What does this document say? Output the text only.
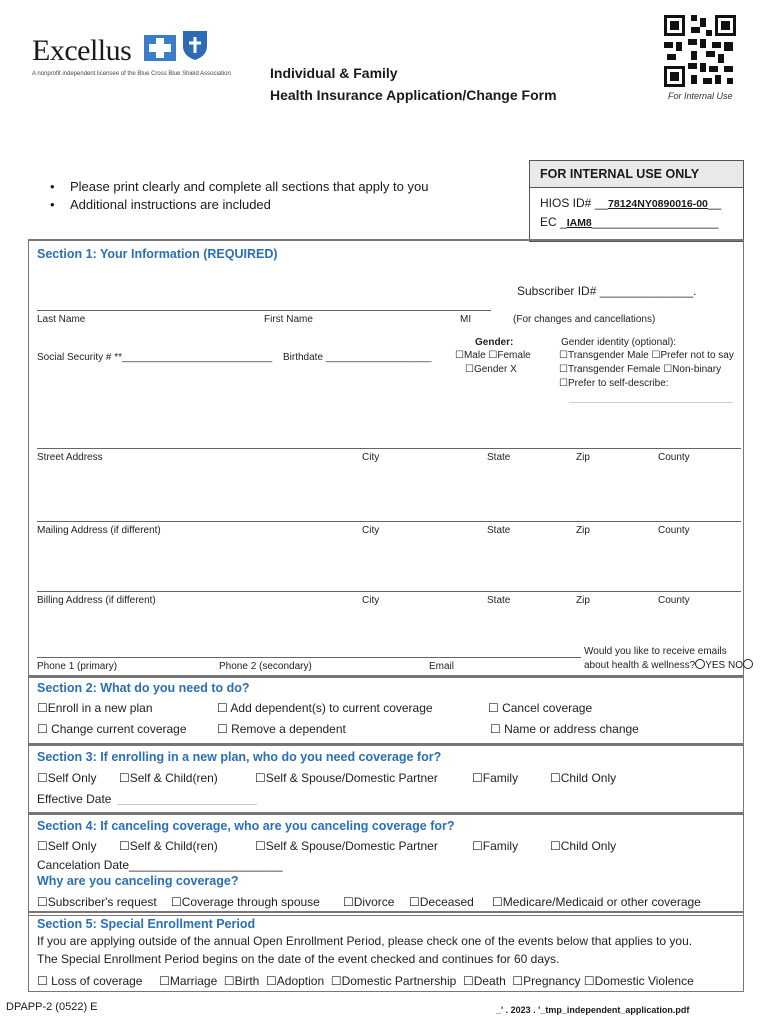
Excellus
A nonprofit independent licensee of the Blue Cross Blue Shield Association	Individual & Family
Health Insurance Application/Change Form	For Internal Use
FOR INTERNAL USE ONLY
HIOS ID# __78124NY0890016-00__
EC _IAM8___________________
• Please print clearly and complete all sections that apply to you
• Additional instructions are included
Section 1: Your Information (REQUIRED)
Subscriber ID# ______________.
Last Name	First Name	MI	(For changes and cancellations)
Social Security # **___________________________ Birthdate ___________________
Gender:
☐Male ☐Female
☐Gender X
Gender identity (optional):
☐Transgender Male ☐Prefer not to say
☐Transgender Female ☐Non-binary
☐Prefer to self-describe:
Street Address	City	State	Zip	County
Mailing Address (if different)	City	State	Zip	County
Billing Address (if different)	City	State	Zip	County
Phone 1 (primary)	Phone 2 (secondary)	Email
Would you like to receive emails
about health & wellness? YES NO
Section 2: What do you need to do?
☐Enroll in a new plan	☐ Add dependent(s) to current coverage	☐ Cancel coverage
☐ Change current coverage	☐ Remove a dependent	☐ Name or address change
Section 3: If enrolling in a new plan, who do you need coverage for?
☐Self Only ☐Self & Child(ren)	☐Self & Spouse/Domestic Partner	☐Family	☐Child Only
Effective Date
Section 4: If canceling coverage, who are you canceling coverage for?
☐Self Only ☐Self & Child(ren)	☐Self & Spouse/Domestic Partner	☐Family	☐Child Only
Cancelation Date_______________________
Why are you canceling coverage?
☐Subscriber's request ☐Coverage through spouse ☐Divorce ☐Deceased ☐Medicare/Medicaid or other coverage
Section 5: Special Enrollment Period
If you are applying outside of the annual Open Enrollment Period, please check one of the events below that applies to you.
The Special Enrollment Period begins on the date of the event checked and continues for 60 days.
☐ Loss of coverage     ☐Marriage  ☐Birth  ☐Adoption  ☐Domestic Partnership  ☐Death  ☐Pregnancy ☐Domestic Violence
DPAPP-2 (0522) E	_' . 2023 . '_tmp_independent_application.pdf
